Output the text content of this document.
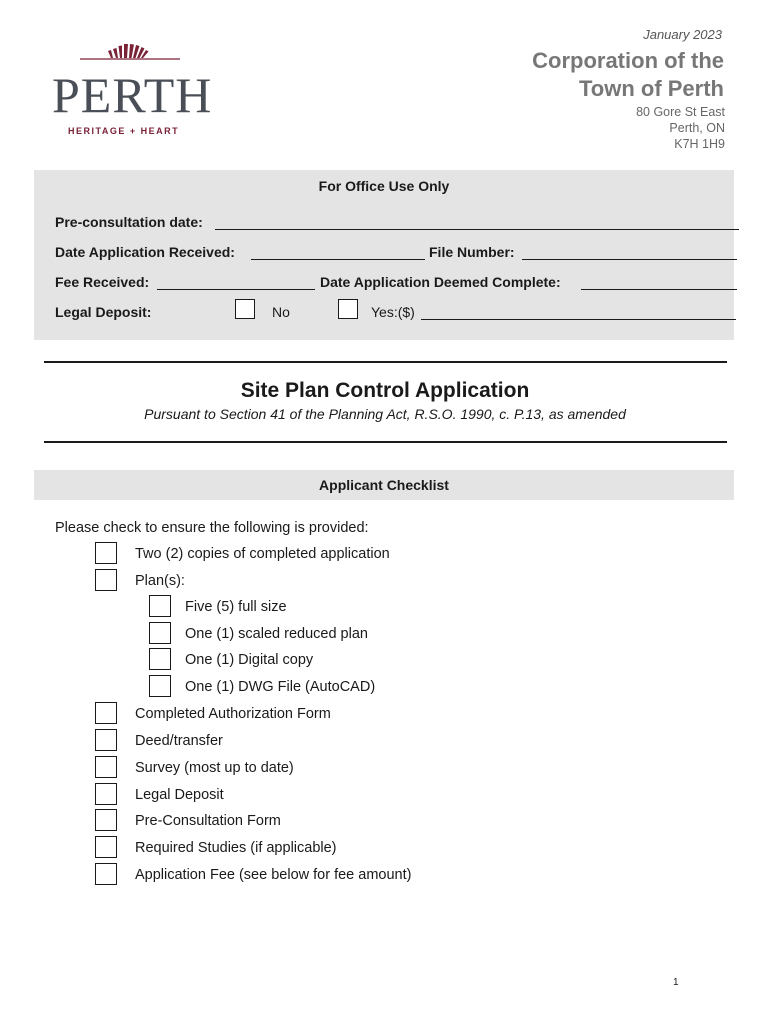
PERTH
HERITAGE + HEART
January 2023
Corporation of the
Town of Perth
80 Gore St East
Perth, ON
K7H 1H9
For Office Use Only
Pre-consultation date:
Date Application Received:	File Number:
Fee Received:	Date Application Deemed Complete:
Legal Deposit:	No	Yes:($)
Site Plan Control Application
Pursuant to Section 41 of the Planning Act, R.S.O. 1990, c. P.13, as amended
Applicant Checklist
Please check to ensure the following is provided:
Two (2) copies of completed application
Plan(s):
Five (5) full size
One (1) scaled reduced plan
One (1) Digital copy
One (1) DWG File (AutoCAD)
Completed Authorization Form
Deed/transfer
Survey (most up to date)
Legal Deposit
Pre-Consultation Form
Required Studies (if applicable)
Application Fee (see below for fee amount)
1
